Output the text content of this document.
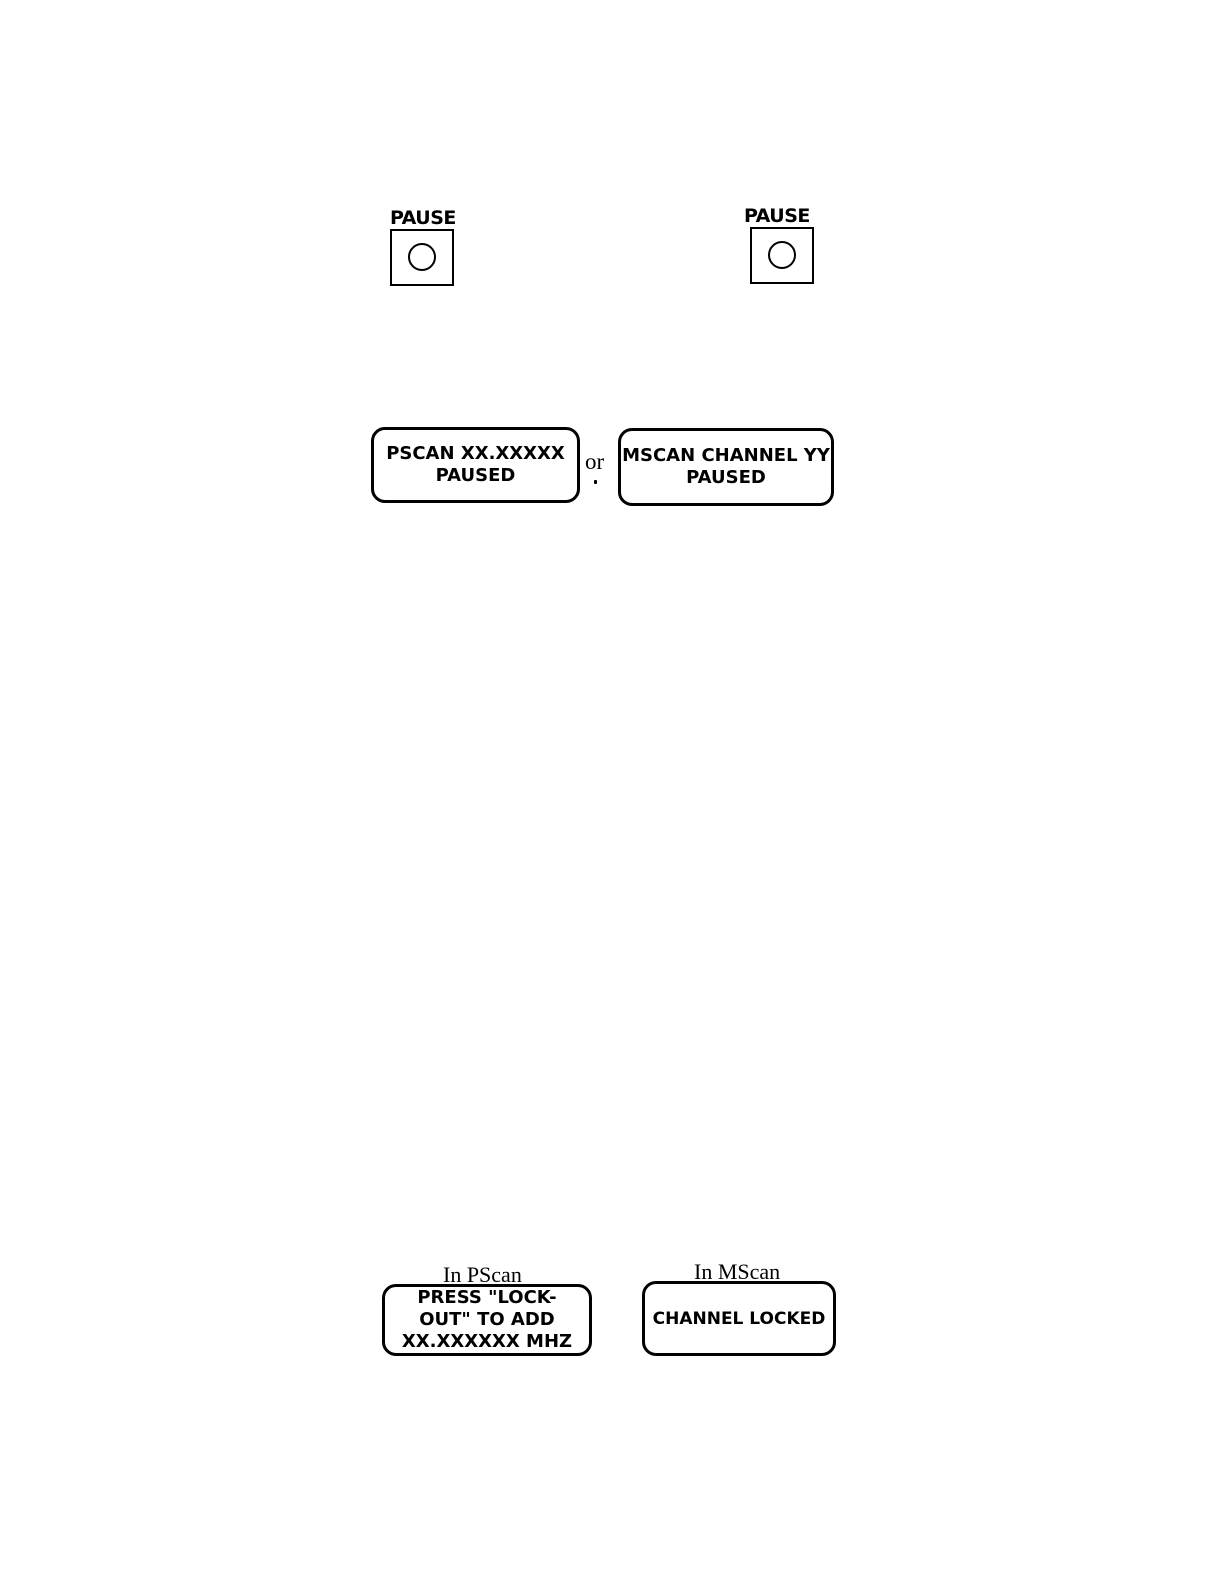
PAUSE	PAUSE
PSCAN XX.XXXXX
PAUSED
or MSCAN CHANNEL YY
PAUSED
In PScan
PRESS "LOCK-
OUT" TO ADD
XX.XXXXXX MHZ
In MScan
CHANNEL LOCKED
